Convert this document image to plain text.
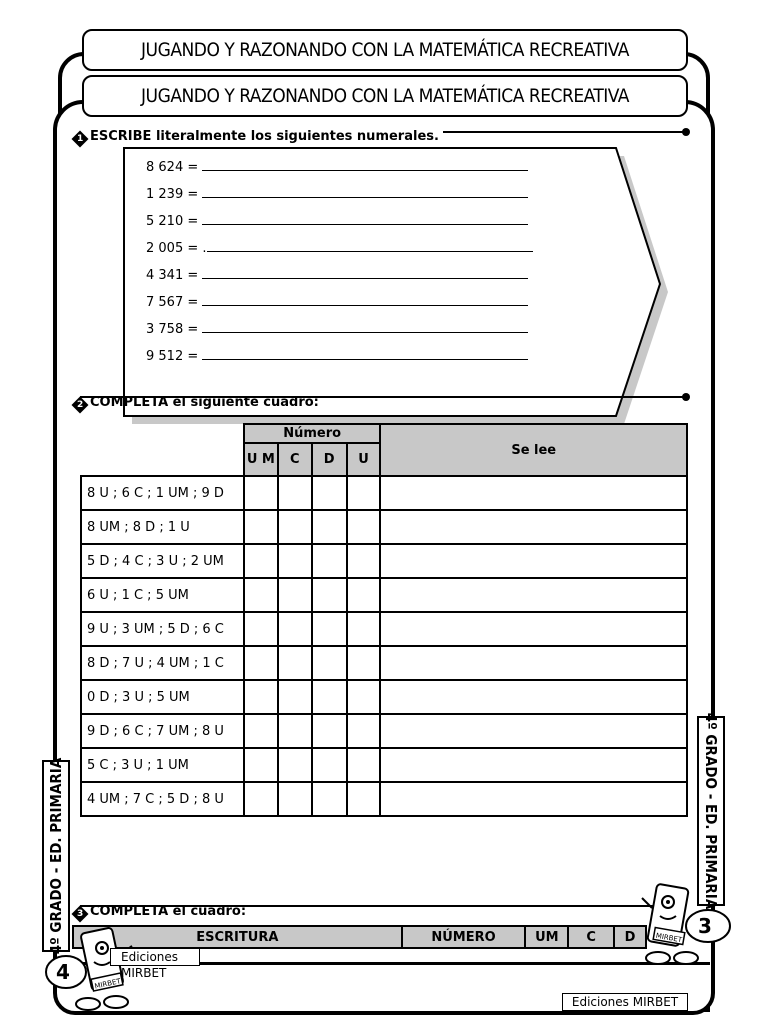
JUGANDO Y RAZONANDO CON LA MATEMÁTICA RECREATIVA
JUGANDO Y RAZONANDO CON LA MATEMÁTICA RECREATIVA
1 ESCRIBE literalmente los siguientes numerales.
8 624 =
1 239 =
5 210 =
2 005 = .
4 341 =
7 567 =
3 758 =
9 512 =
2 COMPLETA el siguiente cuadro:
	Número				Se lee
	U M	C	D	U	
8 U ; 6 C ; 1 UM ; 9 D					
8 UM ; 8 D ; 1 U					
5 D ; 4 C ; 3 U ; 2 UM					
6 U ; 1 C ; 5 UM					
9 U ; 3 UM ; 5 D ; 6 C					
8 D ; 7 U ; 4 UM ; 1 C					
0 D ; 3 U ; 5 UM					
9 D ; 6 C ; 7 UM ; 8 U					
5 C ; 3 U ; 1 UM					
4 UM ; 7 C ; 5 D ; 8 U					
3 COMPLETA el cuadro:
ESCRITURA	NÚMERO	UM	C	D
4º GRADO - ED. PRIMARIA	4º GRADO - ED. PRIMARIA
MIRBET
4
Ediciones MIRBET
MIRBET
3
Ediciones MIRBET
